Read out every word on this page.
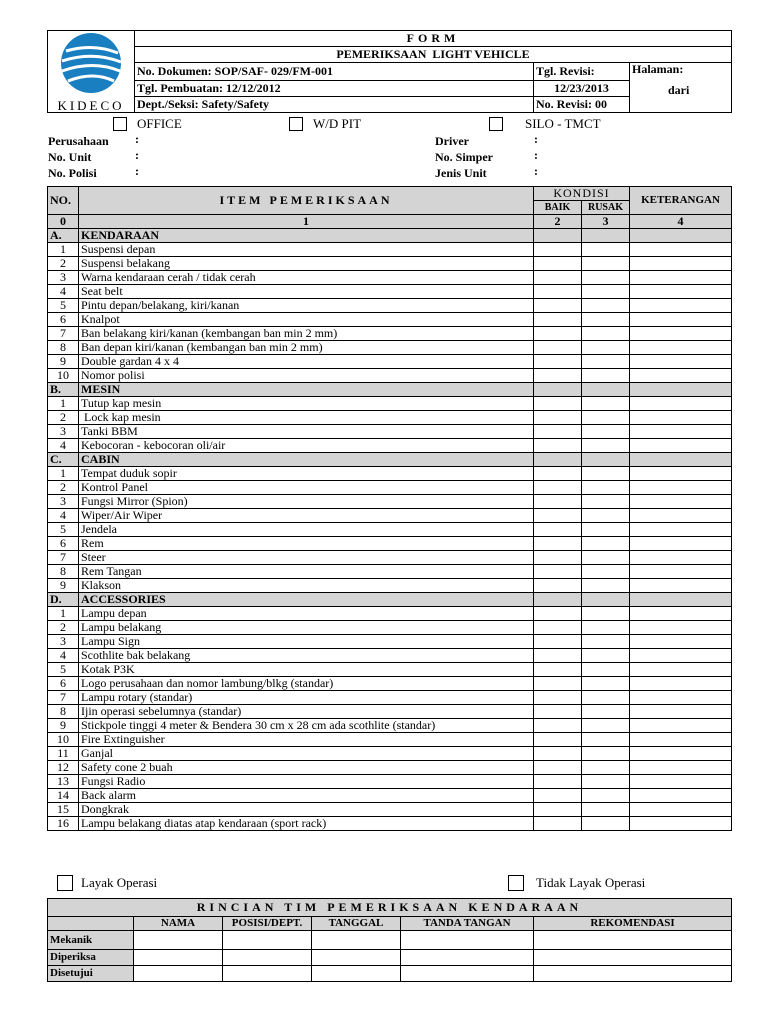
KIDECO	FORM		
	PEMERIKSAAN  LIGHT VEHICLE		
	No. Dokumen: SOP/SAF- 029/FM-001	Tgl. Revisi:	Halaman:
dari

	Tgl. Pembuatan: 12/12/2012	12/23/2013	
	Dept./Seksi: Safety/Safety	No. Revisi: 00	
OFFICE	W/D PIT	SILO - TMCT
Perusahaan :
No. Unit	:
No. Polisi	:
Driver	:
No. Simper	:
Jenis Unit	:
NO.	ITEM PEMERIKSAAN	KONDISI		KETERANGAN
		BAIK	RUSAK	
0	1	2	3	4
A.	KENDARAAN			
1	Suspensi depan			
2	Suspensi belakang			
3	Warna kendaraan cerah / tidak cerah			
4	Seat belt			
5	Pintu depan/belakang, kiri/kanan			
6	Knalpot			
7	Ban belakang kiri/kanan (kembangan ban min 2 mm)			
8	Ban depan kiri/kanan (kembangan ban min 2 mm)			
9	Double gardan 4 x 4			
10	Nomor polisi			
B.	MESIN			
1	Tutup kap mesin			
2	Lock kap mesin			
3	Tanki BBM			
4	Kebocoran - kebocoran oli/air			
C.	CABIN			
1	Tempat duduk sopir			
2	Kontrol Panel			
3	Fungsi Mirror (Spion)			
4	Wiper/Air Wiper			
5	Jendela			
6	Rem			
7	Steer			
8	Rem Tangan			
9	Klakson			
D.	ACCESSORIES			
1	Lampu depan			
2	Lampu belakang			
3	Lampu Sign			
4	Scothlite bak belakang			
5	Kotak P3K			
6	Logo perusahaan dan nomor lambung/blkg (standar)			
7	Lampu rotary (standar)			
8	Ijin operasi sebelumnya (standar)			
9	Stickpole tinggi 4 meter & Bendera 30 cm x 28 cm ada scothlite (standar)			
10	Fire Extinguisher			
11	Ganjal			
12	Safety cone 2 buah			
13	Fungsi Radio			
14	Back alarm			
15	Dongkrak			
16	Lampu belakang diatas atap kendaraan (sport rack)			
Layak Operasi	Tidak Layak Operasi
RINCIAN TIM PEMERIKSAAN KENDARAAN					
	NAMA	POSISI/DEPT.	TANGGAL	TANDA TANGAN	REKOMENDASI
Mekanik					
Diperiksa					
Disetujui					
